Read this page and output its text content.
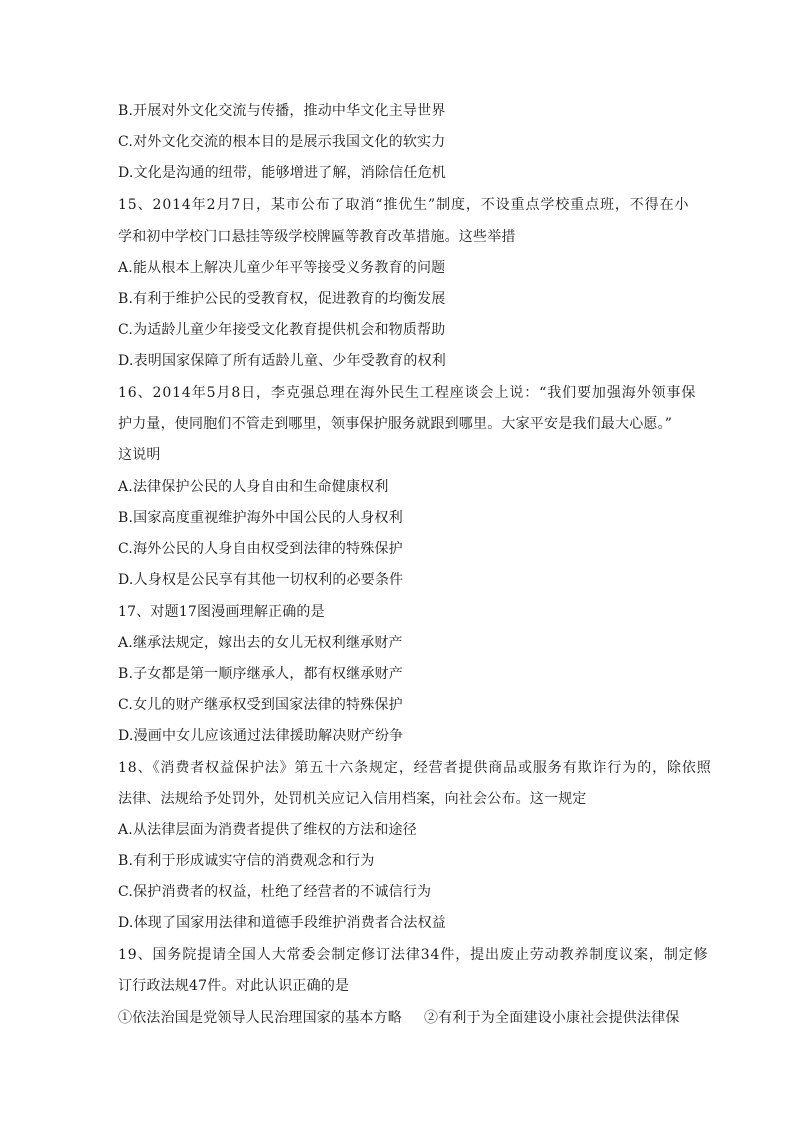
B.开展对外文化交流与传播，推动中华文化主导世界
C.对外文化交流的根本目的是展示我国文化的软实力
D.文化是沟通的纽带，能够增进了解，消除信任危机
15、2014年2月7日，某市公布了取消“推优生”制度，不设重点学校重点班，不得在小
学和初中学校门口悬挂等级学校牌匾等教育改革措施。这些举措
A.能从根本上解决儿童少年平等接受义务教育的问题
B.有利于维护公民的受教育权，促进教育的均衡发展
C.为适龄儿童少年接受文化教育提供机会和物质帮助
D.表明国家保障了所有适龄儿童、少年受教育的权利
16、2014年5月8日，李克强总理在海外民生工程座谈会上说：“我们要加强海外领事保
护力量，使同胞们不管走到哪里，领事保护服务就跟到哪里。大家平安是我们最大心愿。”
这说明
A.法律保护公民的人身自由和生命健康权利
B.国家高度重视维护海外中国公民的人身权利
C.海外公民的人身自由权受到法律的特殊保护
D.人身权是公民享有其他一切权利的必要条件
17、对题17图漫画理解正确的是
A.继承法规定，嫁出去的女儿无权利继承财产
B.子女都是第一顺序继承人，都有权继承财产
C.女儿的财产继承权受到国家法律的特殊保护
D.漫画中女儿应该通过法律援助解决财产纷争
18、《消费者权益保护法》第五十六条规定，经营者提供商品或服务有欺诈行为的，除依照
法律、法规给予处罚外，处罚机关应记入信用档案，向社会公布。这一规定
A.从法律层面为消费者提供了维权的方法和途径
B.有利于形成诚实守信的消费观念和行为
C.保护消费者的权益，杜绝了经营者的不诚信行为
D.体现了国家用法律和道德手段维护消费者合法权益
19、国务院提请全国人大常委会制定修订法律34件，提出废止劳动教养制度议案，制定修
订行政法规47件。对此认识正确的是
①依法治国是党领导人民治理国家的基本方略 ②有利于为全面建设小康社会提供法律保
